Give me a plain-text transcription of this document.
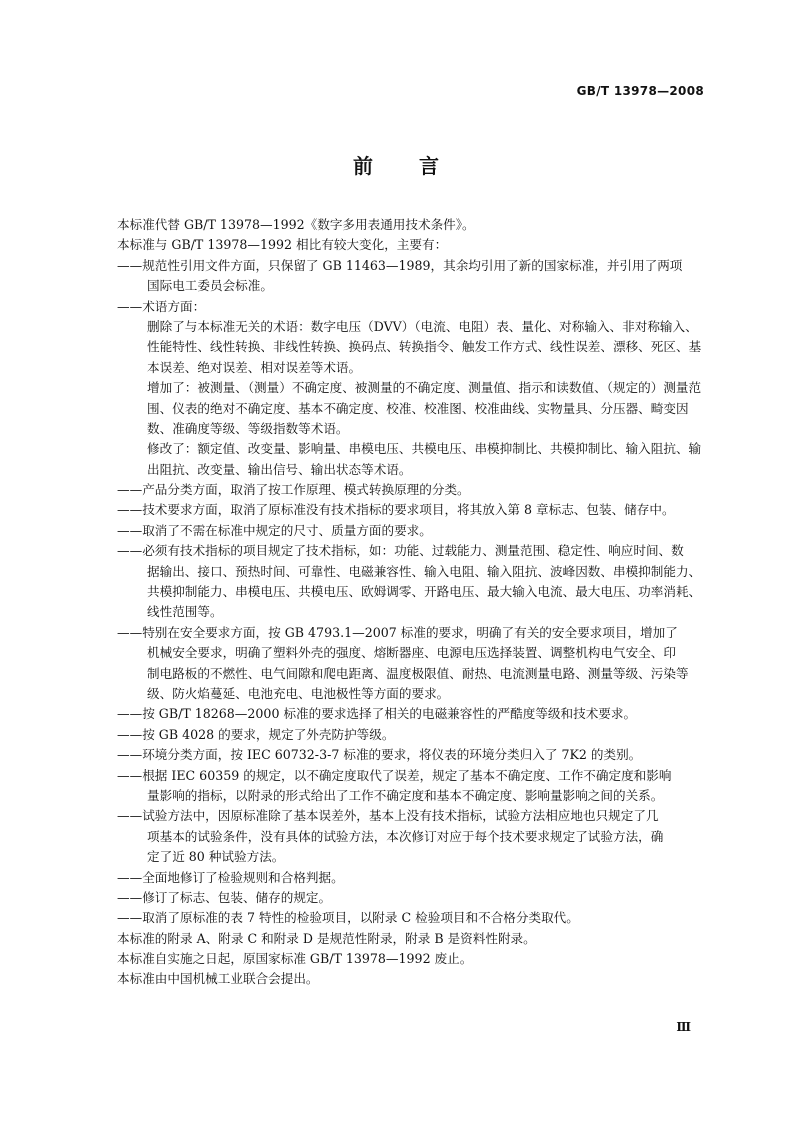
GB/T 13978—2008
前　　言
本标准代替 GB/T 13978—1992《数字多用表通用技术条件》。
本标准与 GB/T 13978—1992 相比有较大变化，主要有：
——规范性引用文件方面，只保留了 GB 11463—1989，其余均引用了新的国家标准，并引用了两项
国际电工委员会标准。
——术语方面：
删除了与本标准无关的术语：数字电压（DVV）（电流、电阻）表、量化、对称输入、非对称输入、
性能特性、线性转换、非线性转换、换码点、转换指令、触发工作方式、线性误差、漂移、死区、基
本误差、绝对误差、相对误差等术语。
增加了：被测量、（测量）不确定度、被测量的不确定度、测量值、指示和读数值、（规定的）测量范
围、仪表的绝对不确定度、基本不确定度、校准、校准图、校准曲线、实物量具、分压器、畸变因
数、准确度等级、等级指数等术语。
修改了：额定值、改变量、影响量、串模电压、共模电压、串模抑制比、共模抑制比、输入阻抗、输
出阻抗、改变量、输出信号、输出状态等术语。
——产品分类方面，取消了按工作原理、模式转换原理的分类。
——技术要求方面，取消了原标准没有技术指标的要求项目，将其放入第 8 章标志、包装、储存中。
——取消了不需在标准中规定的尺寸、质量方面的要求。
——必须有技术指标的项目规定了技术指标，如：功能、过载能力、测量范围、稳定性、响应时间、数
据输出、接口、预热时间、可靠性、电磁兼容性、输入电阻、输入阻抗、波峰因数、串模抑制能力、
共模抑制能力、串模电压、共模电压、欧姆调零、开路电压、最大输入电流、最大电压、功率消耗、
线性范围等。
——特别在安全要求方面，按 GB 4793.1—2007 标准的要求，明确了有关的安全要求项目，增加了
机械安全要求，明确了塑料外壳的强度、熔断器座、电源电压选择装置、调整机构电气安全、印
制电路板的不燃性、电气间隙和爬电距离、温度极限值、耐热、电流测量电路、测量等级、污染等
级、防火焰蔓延、电池充电、电池极性等方面的要求。
——按 GB/T 18268—2000 标准的要求选择了相关的电磁兼容性的严酷度等级和技术要求。
——按 GB 4028 的要求，规定了外壳防护等级。
——环境分类方面，按 IEC 60732-3-7 标准的要求，将仪表的环境分类归入了 7K2 的类别。
——根据 IEC 60359 的规定，以不确定度取代了误差，规定了基本不确定度、工作不确定度和影响
量影响的指标，以附录的形式给出了工作不确定度和基本不确定度、影响量影响之间的关系。
——试验方法中，因原标准除了基本误差外，基本上没有技术指标，试验方法相应地也只规定了几
项基本的试验条件，没有具体的试验方法，本次修订对应于每个技术要求规定了试验方法，确
定了近 80 种试验方法。
——全面地修订了检验规则和合格判据。
——修订了标志、包装、储存的规定。
——取消了原标准的表 7 特性的检验项目，以附录 C 检验项目和不合格分类取代。
本标准的附录 A、附录 C 和附录 D 是规范性附录，附录 B 是资料性附录。
本标准自实施之日起，原国家标准 GB/T 13978—1992 废止。
本标准由中国机械工业联合会提出。
Ⅲ
